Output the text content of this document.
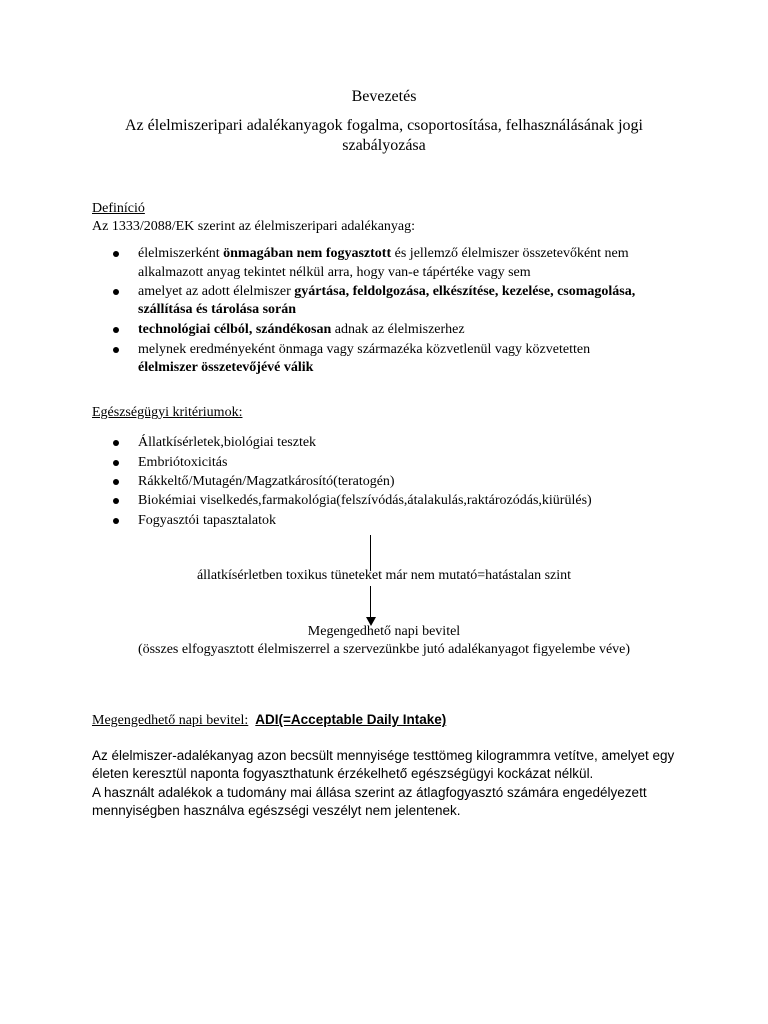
Bevezetés
Az élelmiszeripari adalékanyagok fogalma, csoportosítása, felhasználásának jogi
szabályozása
Definíció
Az 1333/2088/EK szerint az élelmiszeripari adalékanyag:
élelmiszerként önmagában nem fogyasztott és jellemző élelmiszer összetevőként nem
alkalmazott anyag tekintet nélkül arra, hogy van-e tápértéke vagy sem
amelyet az adott élelmiszer gyártása, feldolgozása, elkészítése, kezelése, csomagolása,
szállítása és tárolása során
technológiai célból, szándékosan adnak az élelmiszerhez
melynek eredményeként önmaga vagy származéka közvetlenül vagy közvetetten
élelmiszer összetevőjévé válik
Egészségügyi kritériumok:
Állatkísérletek,biológiai tesztek
Embriótoxicitás
Rákkeltő/Mutagén/Magzatkárosító(teratogén)
Biokémiai viselkedés,farmakológia(felszívódás,átalakulás,raktározódás,kiürülés)
Fogyasztói tapasztalatok
állatkísérletben toxikus tüneteket már nem mutató=hatástalan szint
Megengedhető napi bevitel
(összes elfogyasztott élelmiszerrel a szervezünkbe jutó adalékanyagot figyelembe véve)
Megengedhető napi bevitel: ADI(=Acceptable Daily Intake)
Az élelmiszer-adalékanyag azon becsült mennyisége testtömeg kilogrammra vetítve, amelyet egy
életen keresztül naponta fogyaszthatunk érzékelhető egészségügyi kockázat nélkül.
A használt adalékok a tudomány mai állása szerint az átlagfogyasztó számára engedélyezett
mennyiségben használva egészségi veszélyt nem jelentenek.
